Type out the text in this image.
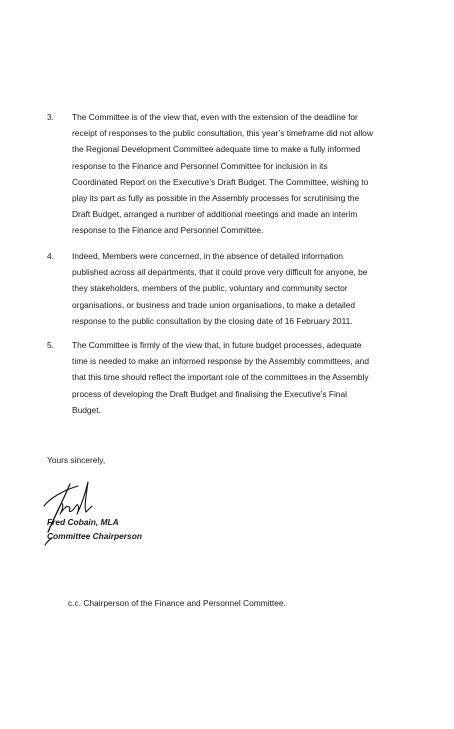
3. The Committee is of the view that, even with the extension of the deadline for
receipt of responses to the public consultation, this year’s timeframe did not allow
the Regional Development Committee adequate time to make a fully informed
response to the Finance and Personnel Committee for inclusion in its
Coordinated Report on the Executive’s Draft Budget. The Committee, wishing to
play its part as fully as possible in the Assembly processes for scrutinising the
Draft Budget, arranged a number of additional meetings and made an interim
response to the Finance and Personnel Committee.
4. Indeed, Members were concerned, in the absence of detailed information
published across all departments, that it could prove very difficult for anyone, be
they stakeholders, members of the public, voluntary and community sector
organisations, or business and trade union organisations, to make a detailed
response to the public consultation by the closing date of 16 February 2011.
5. The Committee is firmly of the view that, in future budget processes, adequate
time is needed to make an informed response by the Assembly committees, and
that this time should reflect the important role of the committees in the Assembly
process of developing the Draft Budget and finalising the Executive’s Final
Budget.
Yours sincerely,
Fred Cobain, MLA
Committee Chairperson
c.c. Chairperson of the Finance and Personnel Committee.
